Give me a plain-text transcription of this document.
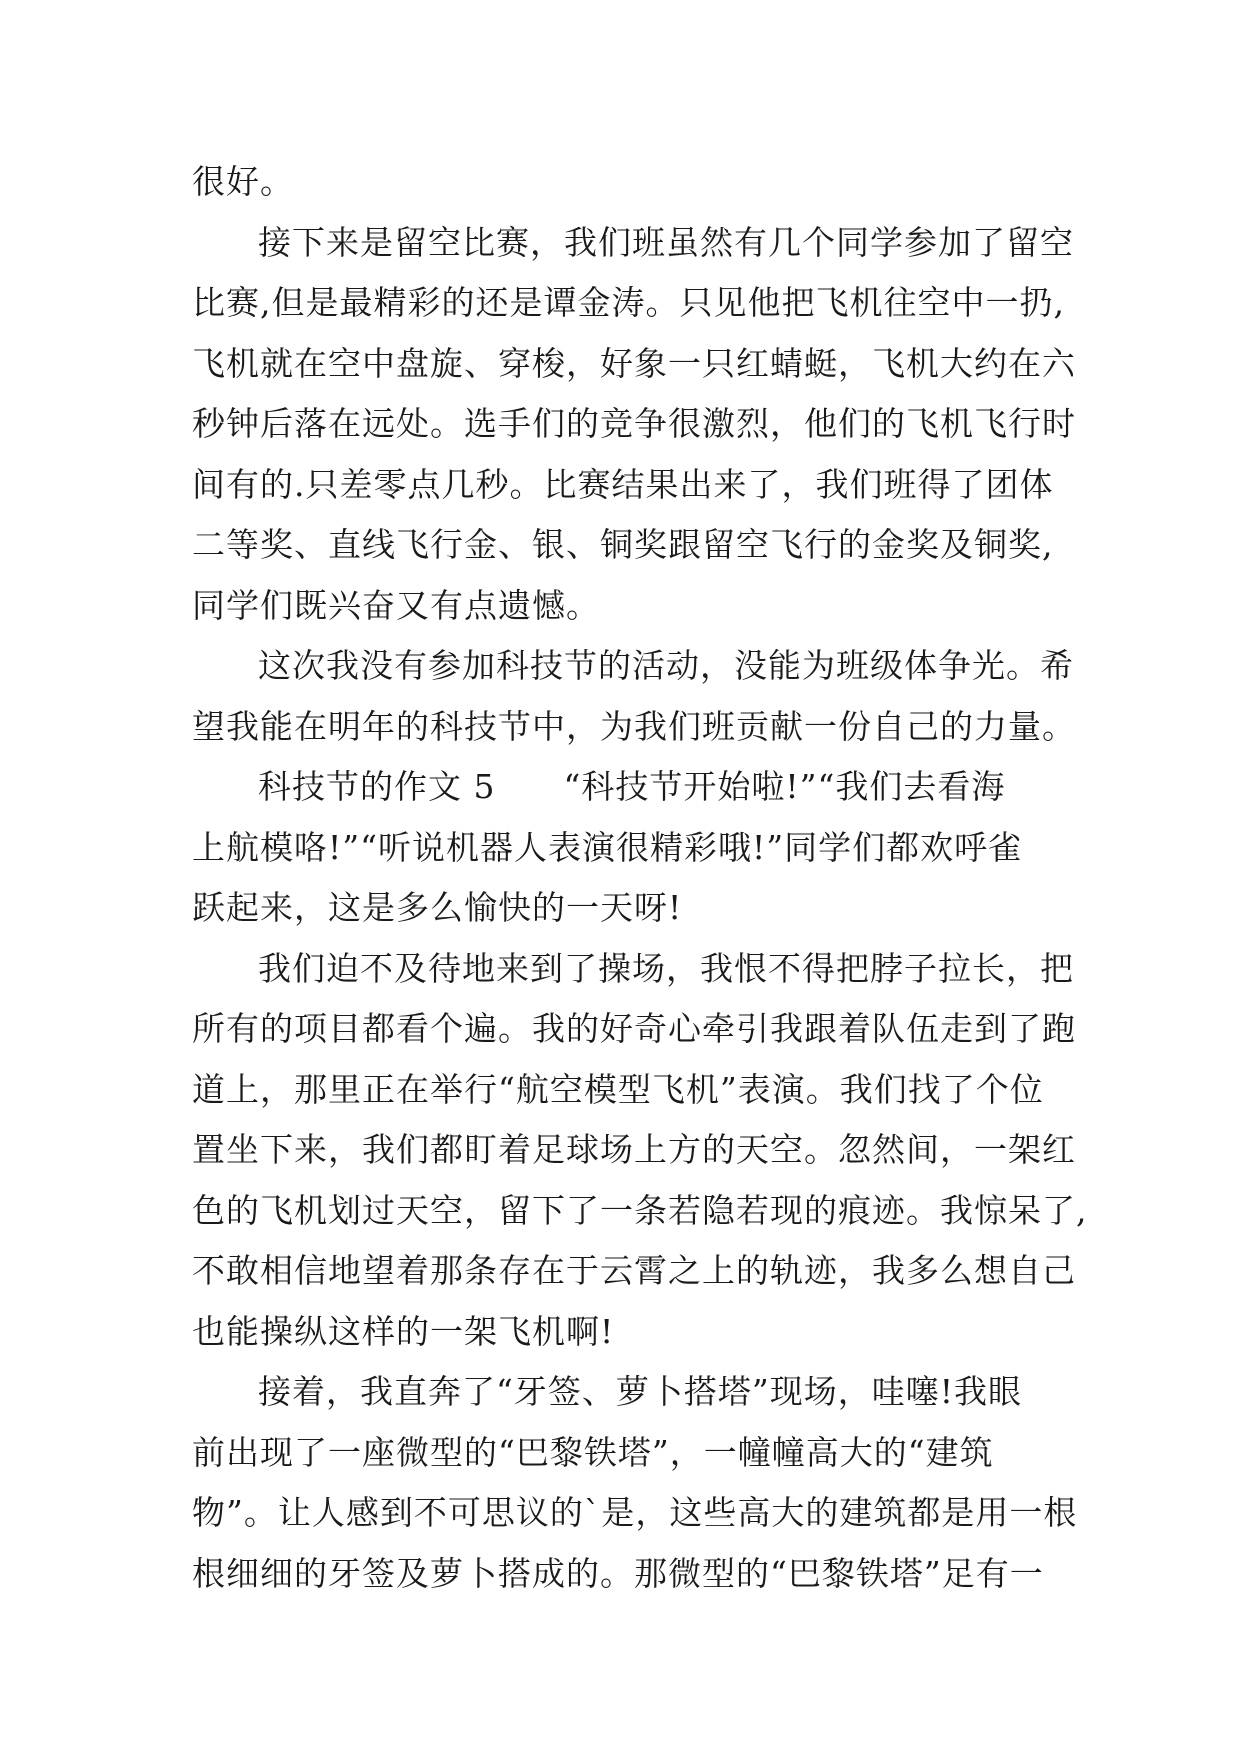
很好。
接下来是留空比赛，我们班虽然有几个同学参加了留空
比赛,但是最精彩的还是谭金涛。只见他把飞机往空中一扔,
飞机就在空中盘旋、穿梭，好象一只红蜻蜓，飞机大约在六
秒钟后落在远处。选手们的竞争很激烈，他们的飞机飞行时
间有的.只差零点几秒。比赛结果出来了，我们班得了团体
二等奖、直线飞行金、银、铜奖跟留空飞行的金奖及铜奖,
同学们既兴奋又有点遗憾。
这次我没有参加科技节的活动，没能为班级体争光。希
望我能在明年的科技节中，为我们班贡献一份自己的力量。
科技节的作文 5　　“科技节开始啦!”“我们去看海
上航模咯!”“听说机器人表演很精彩哦!”同学们都欢呼雀
跃起来，这是多么愉快的一天呀!
我们迫不及待地来到了操场，我恨不得把脖子拉长，把
所有的项目都看个遍。我的好奇心牵引我跟着队伍走到了跑
道上，那里正在举行“航空模型飞机”表演。我们找了个位
置坐下来，我们都盯着足球场上方的天空。忽然间，一架红
色的飞机划过天空，留下了一条若隐若现的痕迹。我惊呆了,
不敢相信地望着那条存在于云霄之上的轨迹，我多么想自己
也能操纵这样的一架飞机啊!
接着，我直奔了“牙签、萝卜搭塔”现场，哇噻!我眼
前出现了一座微型的“巴黎铁塔”，一幢幢高大的“建筑
物”。让人感到不可思议的`是，这些高大的建筑都是用一根
根细细的牙签及萝卜搭成的。那微型的“巴黎铁塔”足有一
